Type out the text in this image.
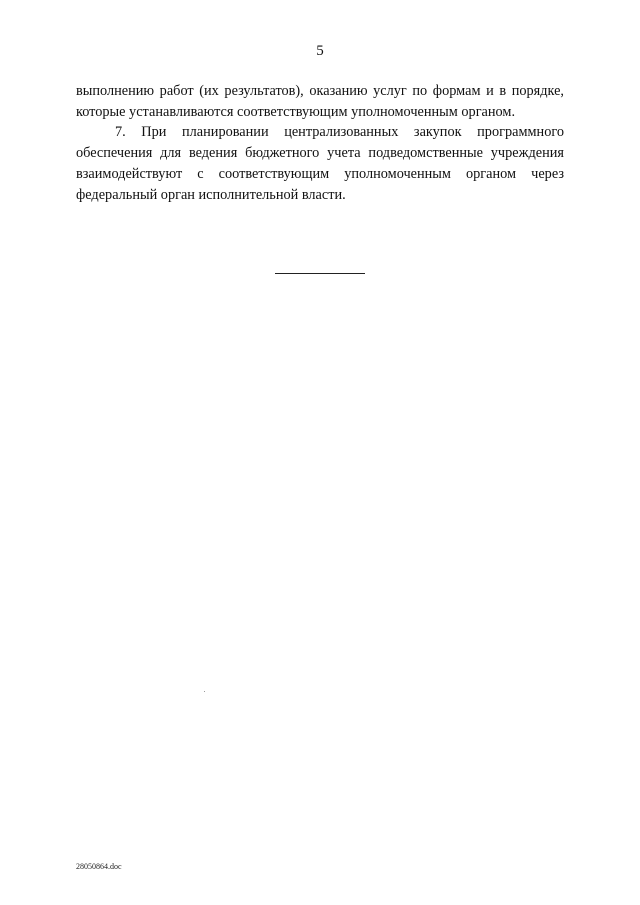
5

выполнению работ (их результатов), оказанию услуг по формам и в порядке, которые устанавливаются соответствующим уполномоченным органом.

7. При планировании централизованных закупок программного обеспечения для ведения бюджетного учета подведомственные учреждения взаимодействуют с соответствующим уполномоченным органом через федеральный орган исполнительной власти.

28050864.doc
